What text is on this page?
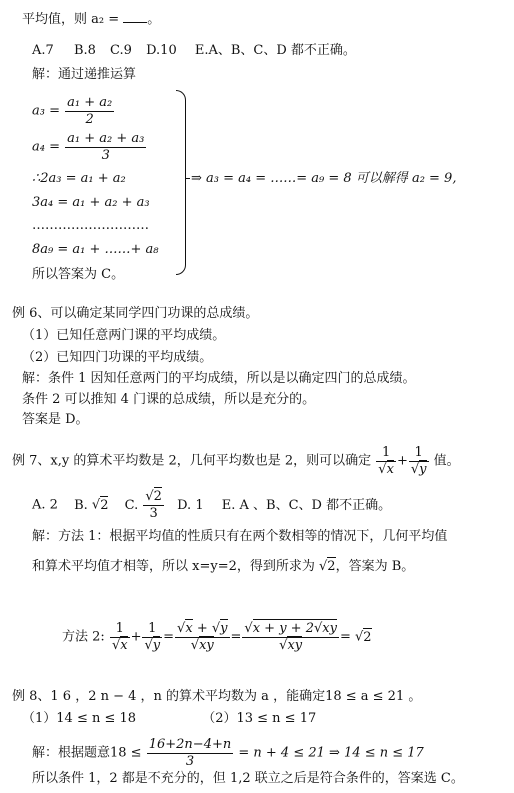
平均值，则 a₂ = 。
A.7 B.8 C.9 D.10 E.A、B、C、D 都不正确。
解：通过递推运算
$a_3 = \frac{\text{a₁ + a₂}}{2}$
$a_4 = \frac{\text{a₁ + a₂ + a₃}}{3}$
∴2a₃ = a₁ + a₂
3a₄ = a₁ + a₂ + a₃
………………………
8a₉ = a₁ + ……+ a₈
⇒ a₃ = a₄ = ……= a₉ = 8 可以解得 a₂ = 9,
所以答案为 C。
例 6、可以确定某同学四门功课的总成绩。
（1）已知任意两门课的平均成绩。
（2）已知四门功课的平均成绩。
解：条件 1 因知任意两门的平均成绩，所以是以确定四门的总成绩。
条件 2 可以推知 4 门课的总成绩，所以是充分的。
答案是 D。
例 7、x,y 的算术平均数是 2，几何平均数也是 2，则可以确定 $\frac{1}{√x} + \frac{1}{√y}$ 值。
A. 2 B. √2 C. $\frac{√2}{3} D$. 1 E. A 、B、C、D 都不正确。
解：方法 1：根据平均值的性质只有在两个数相等的情况下，几何平均值
和算术平均值才相等，所以 x=y=2，得到所求为 √2，答案为 B。
方法 2: $\frac{1}{√x} + \frac{1}{√y} = \frac{√x + √y}{√xy} = \frac{√x + y + 2√xy}{√xy} = √2$
例 8、1 6 ，2 n − 4 ，n 的算术平均数为 a ，能确定18 ≤ a ≤ 21 。
（1）14 ≤ n ≤ 18	（2）13 ≤ n ≤ 17
解：根据题意$18 \le \frac{16+2n-4+n}{3} = n + 4 \le 21$ ⇒ 14 ≤ n ≤ 17
所以条件 1，2 都是不充分的，但 1,2 联立之后是符合条件的，答案选 C。
